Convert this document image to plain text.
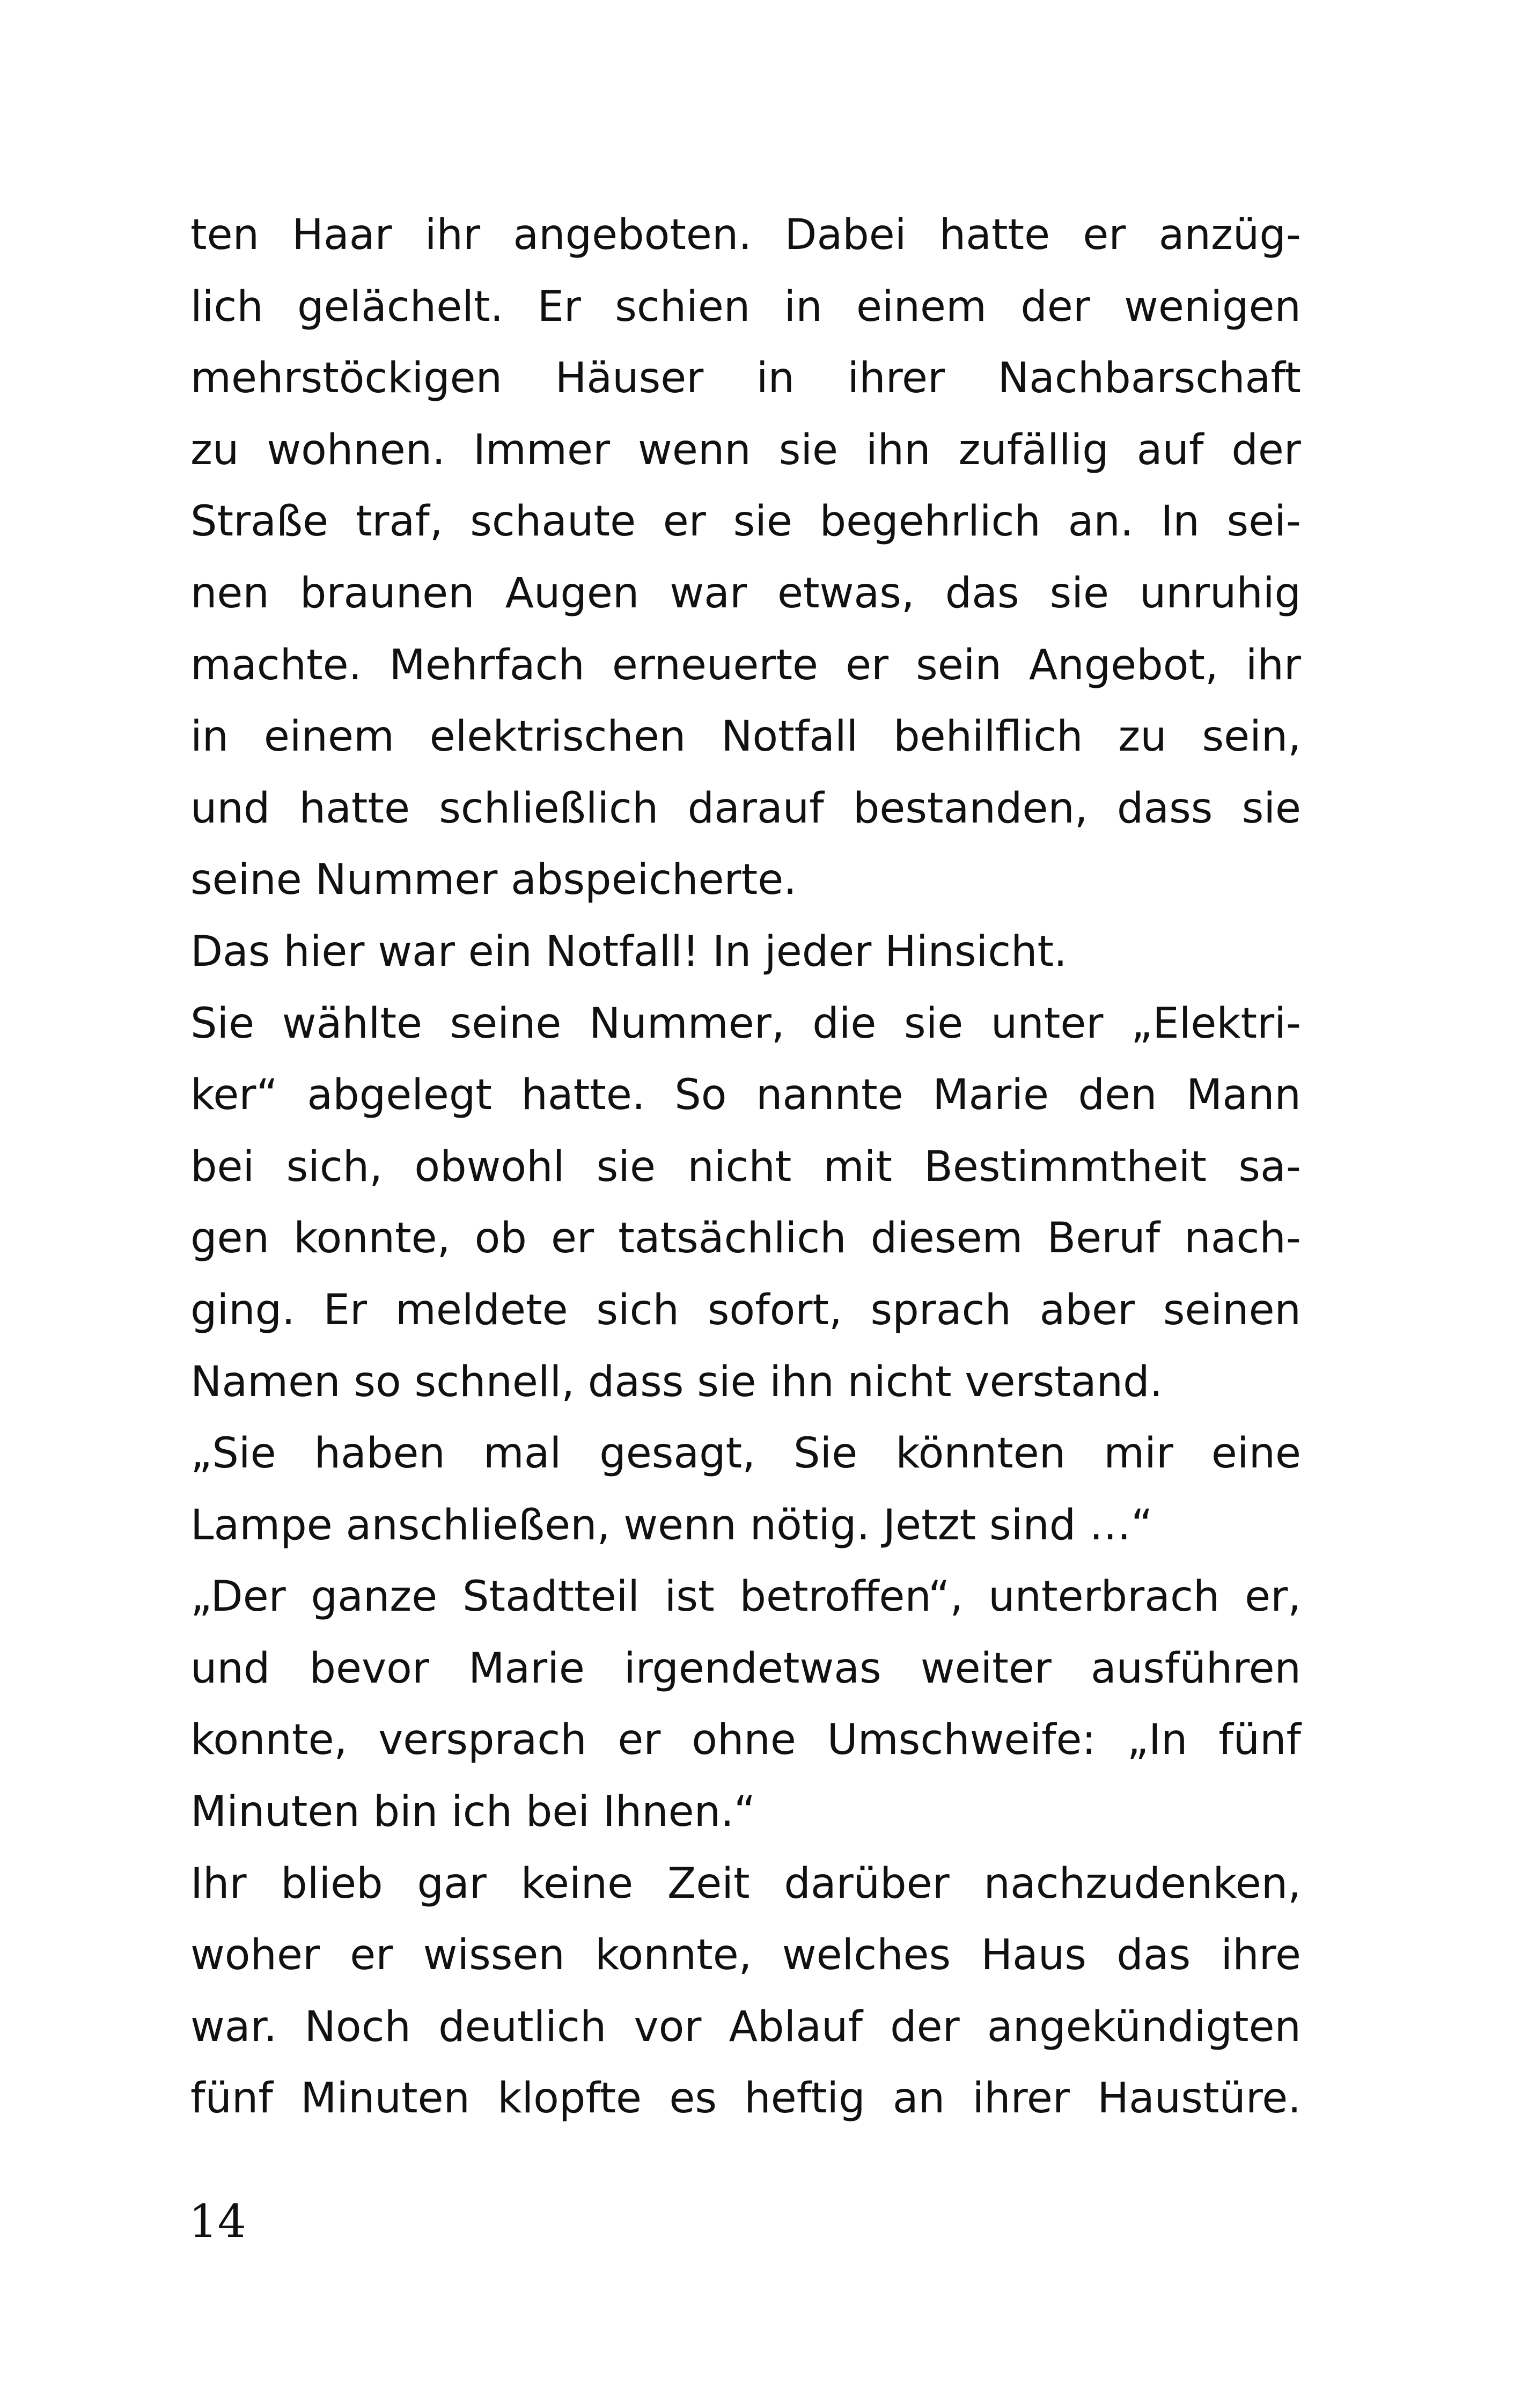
ten Haar ihr angeboten. Dabei hatte er anzüg-
lich gelächelt. Er schien in einem der wenigen
mehrstöckigen Häuser in ihrer Nachbarschaft
zu wohnen. Immer wenn sie ihn zufällig auf der
Straße traf, schaute er sie begehrlich an. In sei-
nen braunen Augen war etwas, das sie unruhig
machte. Mehrfach erneuerte er sein Angebot, ihr
in einem elektrischen Notfall behilflich zu sein,
und hatte schließlich darauf bestanden, dass sie
seine Nummer abspeicherte.
Das hier war ein Notfall! In jeder Hinsicht.
Sie wählte seine Nummer, die sie unter „Elektri-
ker“ abgelegt hatte. So nannte Marie den Mann
bei sich, obwohl sie nicht mit Bestimmtheit sa-
gen konnte, ob er tatsächlich diesem Beruf nach-
ging. Er meldete sich sofort, sprach aber seinen
Namen so schnell, dass sie ihn nicht verstand.
„Sie haben mal gesagt, Sie könnten mir eine
Lampe anschließen, wenn nötig. Jetzt sind …“
„Der ganze Stadtteil ist betroffen“, unterbrach er,
und bevor Marie irgendetwas weiter ausführen
konnte, versprach er ohne Umschweife: „In fünf
Minuten bin ich bei Ihnen.“
Ihr blieb gar keine Zeit darüber nachzudenken,
woher er wissen konnte, welches Haus das ihre
war. Noch deutlich vor Ablauf der angekündigten
fünf Minuten klopfte es heftig an ihrer Haustüre.
14
